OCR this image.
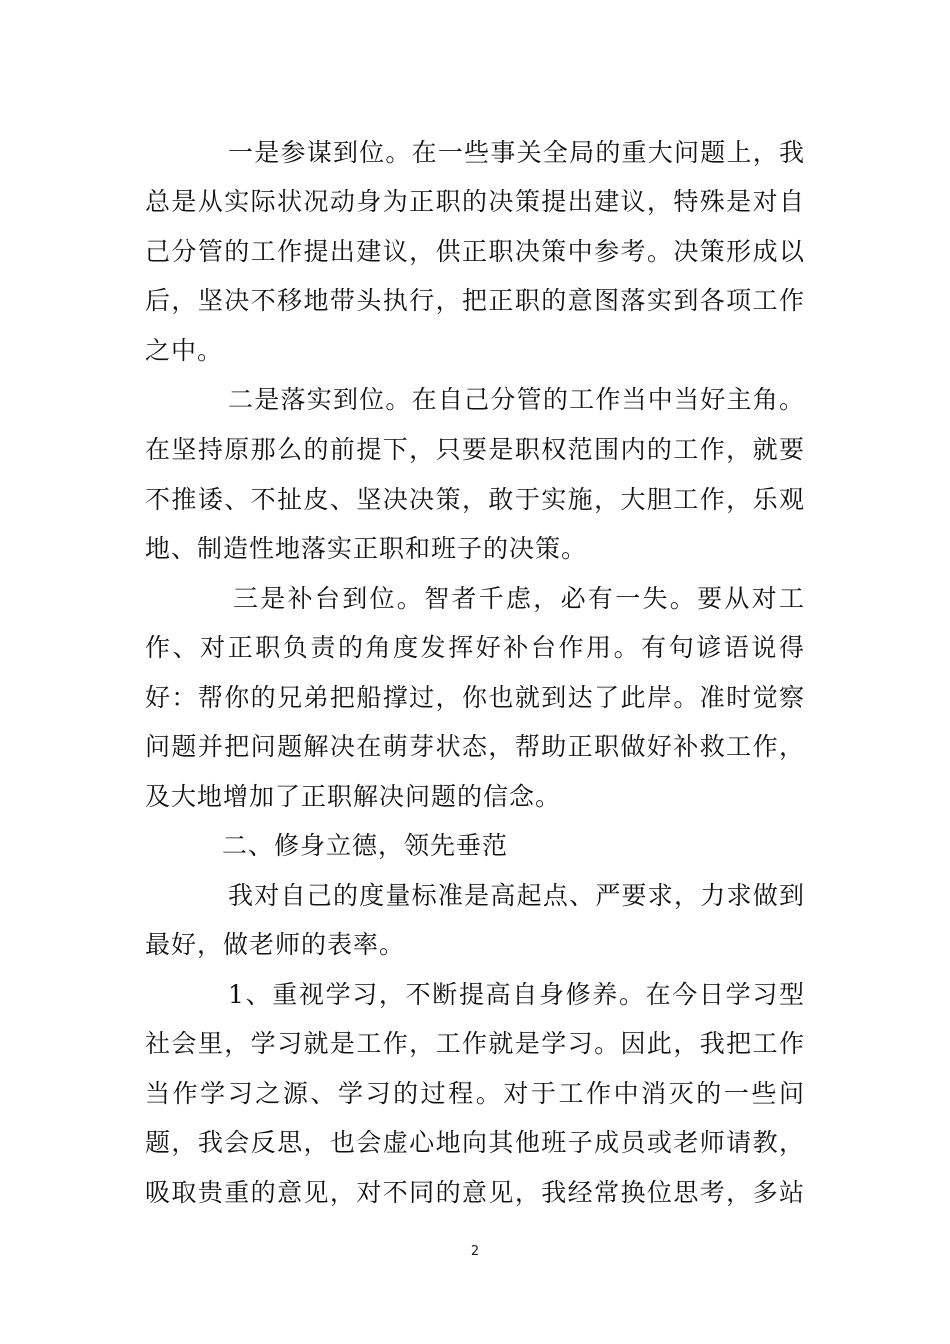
一是参谋到位。在一些事关全局的重大问题上，我
总是从实际状况动身为正职的决策提出建议，特殊是对自
己分管的工作提出建议，供正职决策中参考。决策形成以
后，坚决不移地带头执行，把正职的意图落实到各项工作
之中。
二是落实到位。在自己分管的工作当中当好主角。
在坚持原那么的前提下，只要是职权范围内的工作，就要
不推诿、不扯皮、坚决决策，敢于实施，大胆工作，乐观
地、制造性地落实正职和班子的决策。
三是补台到位。智者千虑，必有一失。要从对工
作、对正职负责的角度发挥好补台作用。有句谚语说得
好：帮你的兄弟把船撑过，你也就到达了此岸。准时觉察
问题并把问题解决在萌芽状态，帮助正职做好补救工作，
及大地增加了正职解决问题的信念。
二、修身立德，领先垂范
我对自己的度量标准是高起点、严要求，力求做到
最好，做老师的表率。
1、重视学习，不断提高自身修养。在今日学习型
社会里，学习就是工作，工作就是学习。因此，我把工作
当作学习之源、学习的过程。对于工作中消灭的一些问
题，我会反思，也会虚心地向其他班子成员或老师请教，
吸取贵重的意见，对不同的意见，我经常换位思考，多站
2
